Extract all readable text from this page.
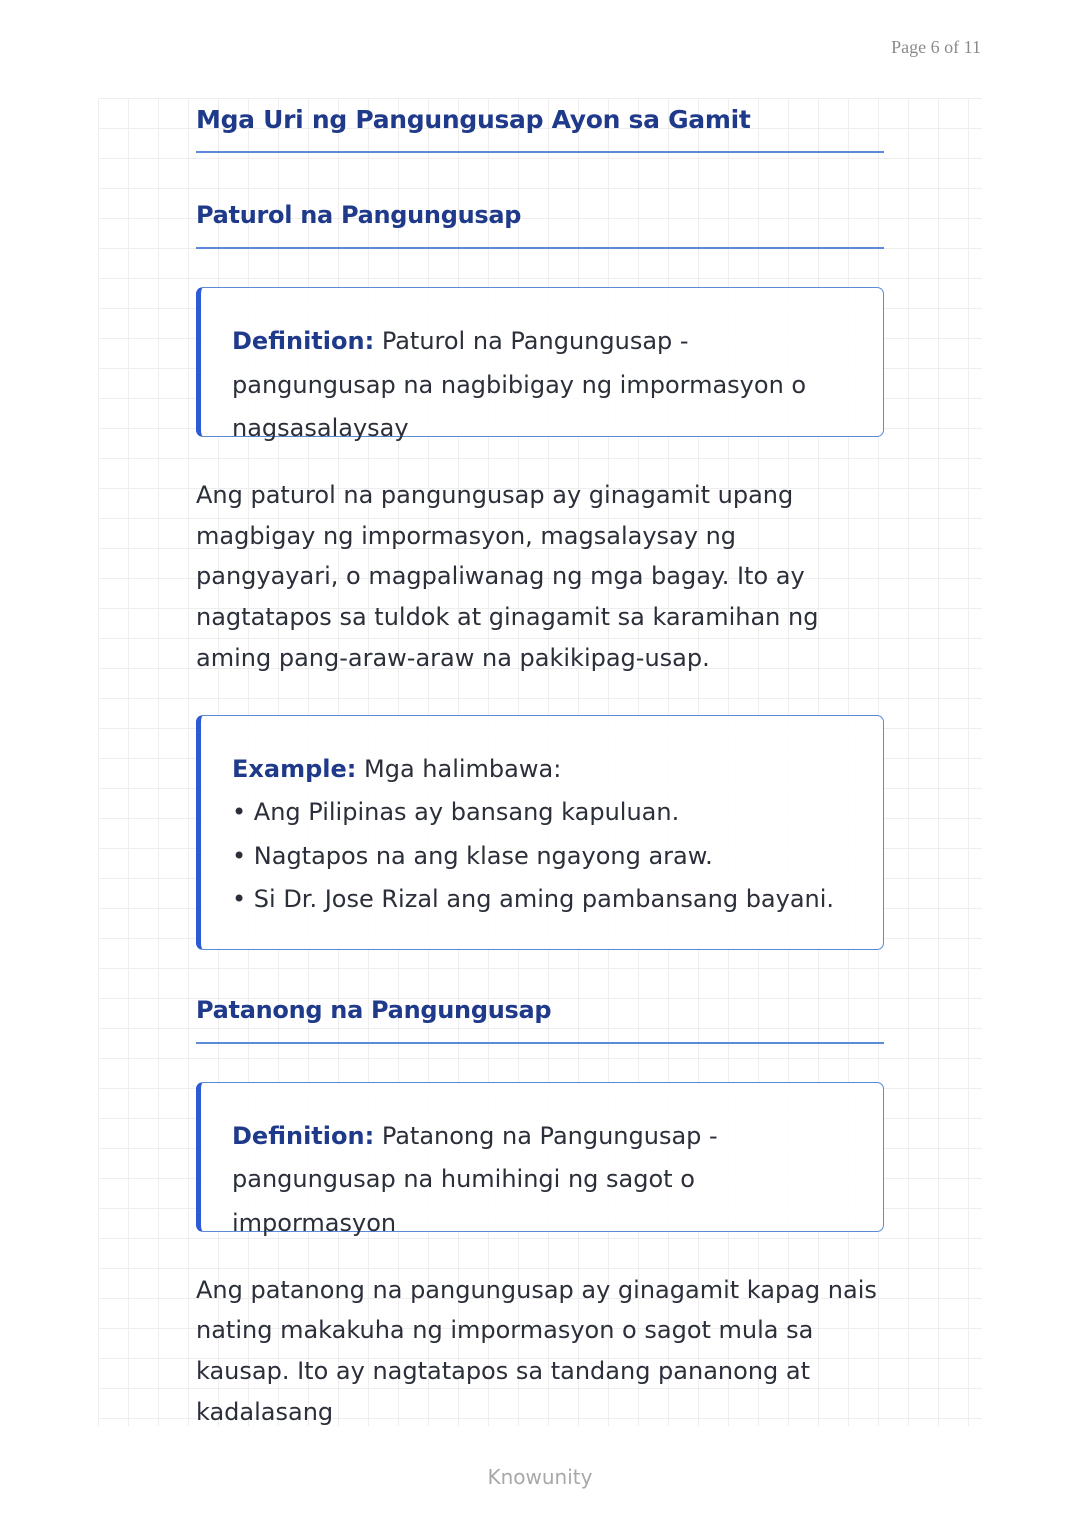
Page 6 of 11
Mga Uri ng Pangungusap Ayon sa Gamit
Paturol na Pangungusap
Definition: Paturol na Pangungusap - pangungusap na nagbibigay ng impormasyon o nagsasalaysay
Ang paturol na pangungusap ay ginagamit upang magbigay ng impormasyon, magsalaysay ng pangyayari, o magpaliwanag ng mga bagay. Ito ay nagtatapos sa tuldok at ginagamit sa karamihan ng aming pang-araw-araw na pakikipag-usap.
Example: Mga halimbawa:
• Ang Pilipinas ay bansang kapuluan.
• Nagtapos na ang klase ngayong araw.
• Si Dr. Jose Rizal ang aming pambansang bayani.
Patanong na Pangungusap
Definition: Patanong na Pangungusap - pangungusap na humihingi ng sagot o impormasyon
Ang patanong na pangungusap ay ginagamit kapag nais nating makakuha ng impormasyon o sagot mula sa kausap. Ito ay nagtatapos sa tandang pananong at kadalasang
Knowunity
